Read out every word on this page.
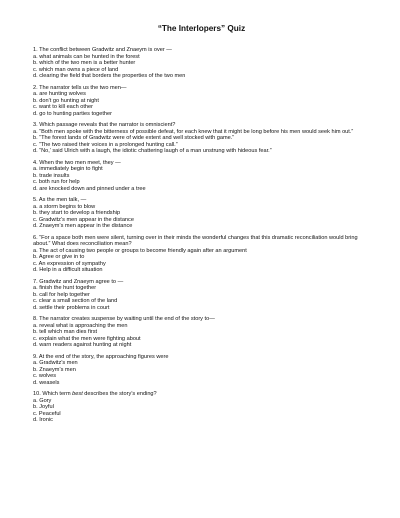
“The Interlopers” Quiz
1. The conflict between Gradwitz and Znaeym is over —
a. what animals can be hunted in the forest
b. which of the two men is a better hunter
c. which man owns a piece of land
d. clearing the field that borders the properties of the two men
2. The narrator tells us the two men—
a. are hunting wolves
b. don’t go hunting at night
c. want to kill each other
d. go to hunting parties together
3. Which passage reveals that the narrator is omniscient?
a. “Both men spoke with the bitterness of possible defeat, for each knew that it might be long before his men would seek him out.”
b. “The forest lands of Gradwitz were of wide extent and well stocked with game.”
c. “The two raised their voices in a prolonged hunting call.”
d. “No,’ said Ulrich with a laugh, the idiotic chattering laugh of a man unstrung with hideous fear.”
4. When the two men meet, they —
a. immediately begin to fight
b. trade insults
c. both run for help
d. are knocked down and pinned under a tree
5. As the men talk, —
a. a storm begins to blow
b. they start to develop a friendship
c. Gradwitz’s men appear in the distance
d. Znaeym’s men appear in the distance
6. “For a space both men were silent, turning over in their minds the wonderful changes that this dramatic reconciliation would bring about.” What does reconciliation mean?
a. The act of causing two people or groups to become friendly again after an argument
b. Agree or give in to
c. An expression of sympathy
d. Help in a difficult situation
7. Gradwitz and Znaeym agree to —
a. finish the hunt together
b. call for help together
c. clear a small section of the land
d. settle their problems in court
8. The narrator creates suspense by waiting until the end of the story to—
a. reveal what is approaching the men
b. tell which man dies first
c. explain what the men were fighting about
d. warn readers against hunting at night
9. At the end of the story, the approaching figures were
a. Gradwitz’s men
b. Znaeym’s men
c. wolves
d. weasels
10. Which term best describes the story’s ending?
a. Gory
b. Joyful
c. Peaceful
d. Ironic
